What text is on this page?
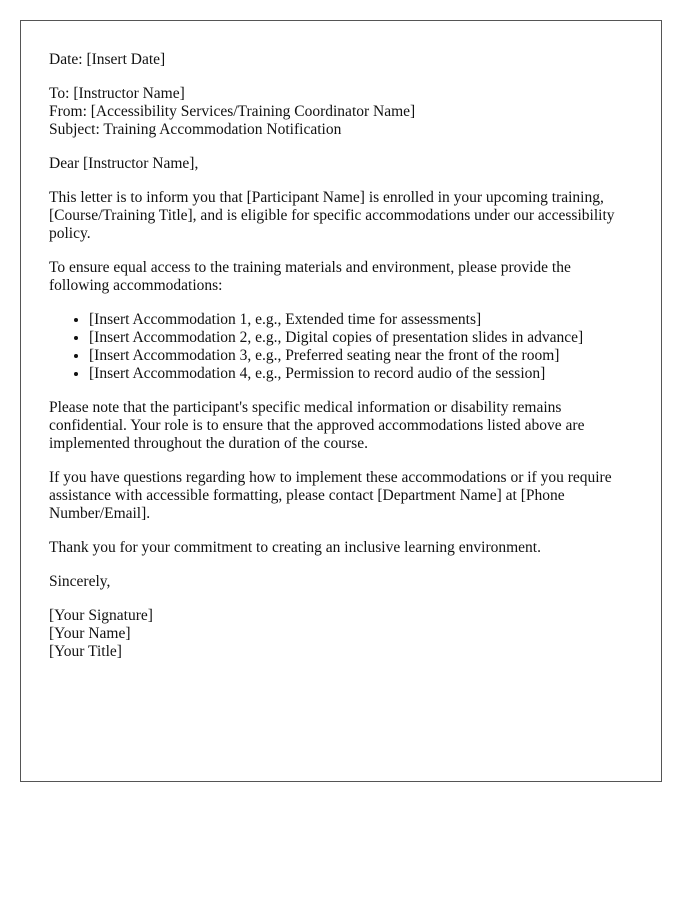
Date: [Insert Date]

To: [Instructor Name]
From: [Accessibility Services/Training Coordinator Name]
Subject: Training Accommodation Notification

Dear [Instructor Name],

This letter is to inform you that [Participant Name] is enrolled in your upcoming training, [Course/Training Title], and is eligible for specific accommodations under our accessibility policy.

To ensure equal access to the training materials and environment, please provide the following accommodations:

• [Insert Accommodation 1, e.g., Extended time for assessments]
• [Insert Accommodation 2, e.g., Digital copies of presentation slides in advance]
• [Insert Accommodation 3, e.g., Preferred seating near the front of the room]
• [Insert Accommodation 4, e.g., Permission to record audio of the session]

Please note that the participant's specific medical information or disability remains confidential. Your role is to ensure that the approved accommodations listed above are implemented throughout the duration of the course.

If you have questions regarding how to implement these accommodations or if you require assistance with accessible formatting, please contact [Department Name] at [Phone Number/Email].

Thank you for your commitment to creating an inclusive learning environment.

Sincerely,

[Your Signature]
[Your Name]
[Your Title]
